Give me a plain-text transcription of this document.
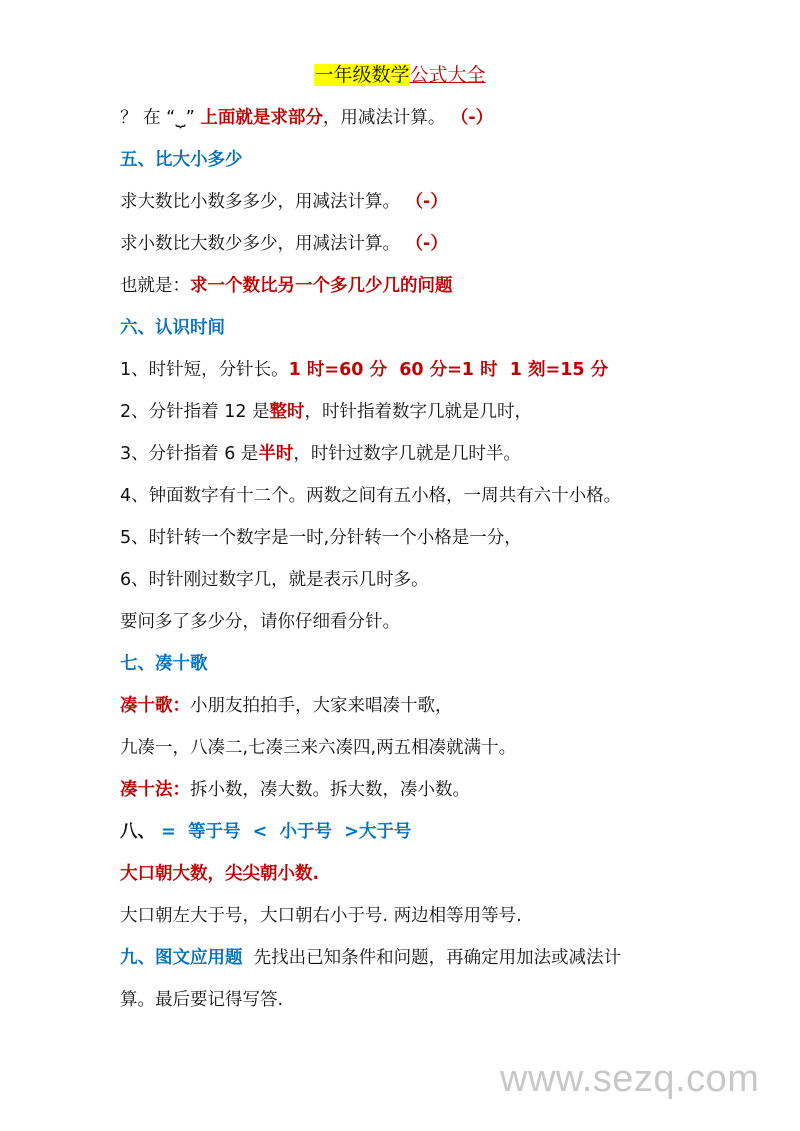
一年级数学公式大全
？ 在 “⏟” 上面就是求部分，用减法计算。 （-）
五、比大小多少
求大数比小数多多少，用减法计算。 （-）
求小数比大数少多少，用减法计算。 （-）
也就是：求一个数比另一个多几少几的问题
六、认识时间
1、时针短，分针长。1 时=60 分  60 分=1 时  1 刻=15 分
2、分针指着 12 是整时，时针指着数字几就是几时，
3、分针指着 6 是半时，时针过数字几就是几时半。
4、钟面数字有十二个。两数之间有五小格，一周共有六十小格。
5、时针转一个数字是一时,分针转一个小格是一分，
6、时针刚过数字几，就是表示几时多。
要问多了多少分，请你仔细看分针。
七、凑十歌
凑十歌：小朋友拍拍手，大家来唱凑十歌，
九凑一，八凑二,七凑三来六凑四,两五相凑就满十。
凑十法：拆小数，凑大数。拆大数，凑小数。
八、 =  等于号  <  小于号  >大于号
大口朝大数，尖尖朝小数.
大口朝左大于号，大口朝右小于号. 两边相等用等号.
九、图文应用题  先找出已知条件和问题，再确定用加法或减法计
算。最后要记得写答.
www.sezq.com
